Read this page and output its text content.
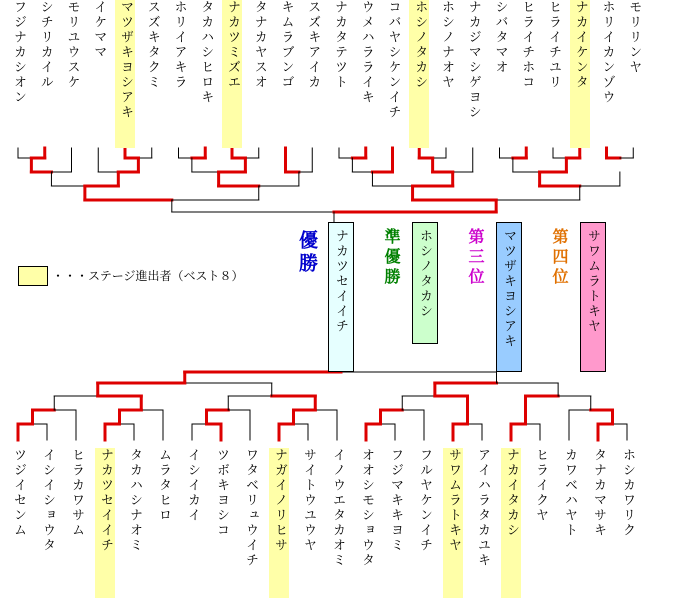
フジナカシオン シチリカイル モリユウスケ イケママ マツザキヨシアキ スズキタクミ ホリイアキラ タカハシヒロキ ナカツミズエ タナカヤスオ キムラブンゴ スズキアイカ ナカタテツト ウメハラライキ コバヤシケンイチ ホシノタカシ ホシノナオヤ ナカジマシゲヨシ シバタマオ ヒライチホコ ヒライチユリ ナカイケンタ ホリイカンゾウ モリリンヤ
ツジイセンム イシイショウタ ヒラカワサム ナカツセイイチ タカハシナオミ ムラタヒロ イシイカイ ツボキヨシコ ワタベリュウイチ ナガイノリヒサ サイトウユウヤ イノウエタカオミ オオシモショウタ フジマキキヨミ フルヤケンイチ サワムラトキヤ アイハラタカユキ ナカイタカシ ヒライクヤ カワベハヤト タナカマサキ ホシカワリク
優勝	ナカツセイイチ	準優勝	ホシノタカシ	第三位	マツザキヨシアキ	第四位	サワムラトキヤ
・・・ステージ進出者（ベスト８）
